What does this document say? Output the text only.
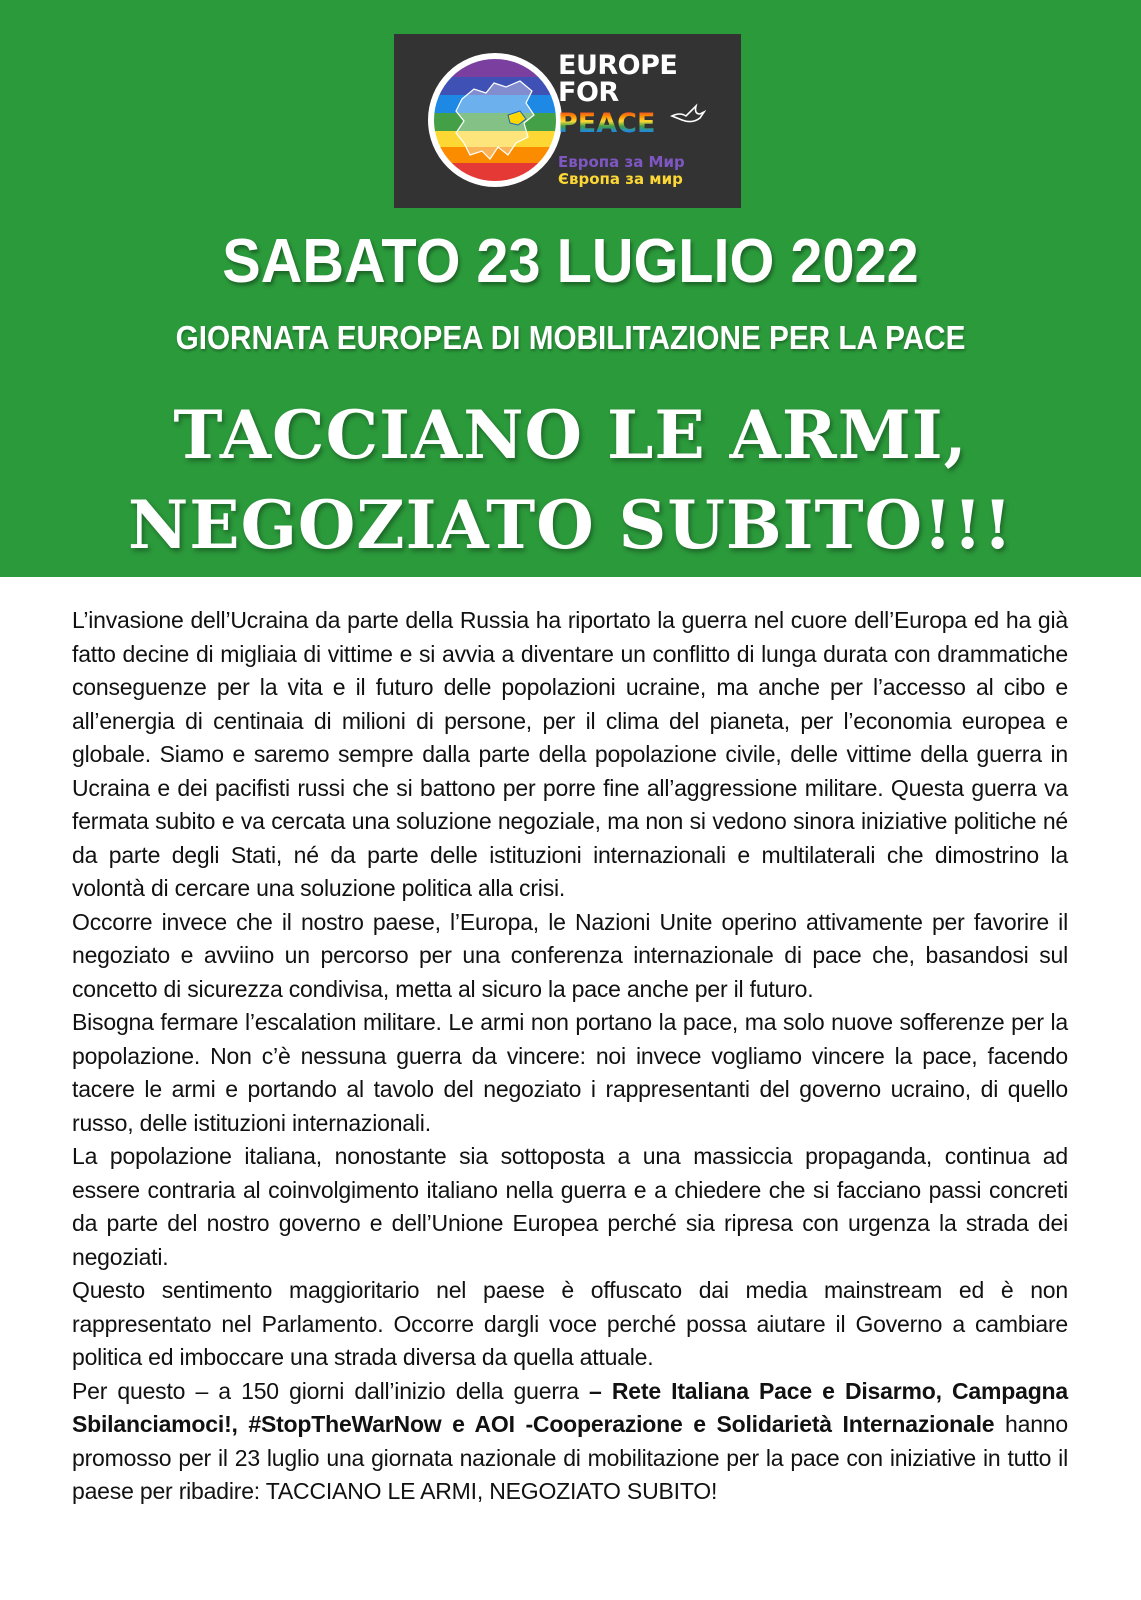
EUROPE
FOR
PEACE
Европа за Мир
Європа за мир
SABATO 23 LUGLIO 2022
GIORNATA EUROPEA DI MOBILITAZIONE PER LA PACE
TACCIANO LE ARMI,
NEGOZIATO SUBITO!!!

L’invasione dell’Ucraina da parte della Russia ha riportato la guerra nel cuore dell’Europa ed ha già fatto decine di migliaia di vittime e si avvia a diventare un conflitto di lunga durata con drammatiche conseguenze per la vita e il futuro delle popolazioni ucraine, ma anche per l’accesso al cibo e all’energia di centinaia di milioni di persone, per il clima del pianeta, per l’economia europea e globale. Siamo e saremo sempre dalla parte della popolazione civile, delle vittime della guerra in Ucraina e dei pacifisti russi che si battono per porre fine all’aggressione militare. Questa guerra va fermata subito e va cercata una soluzione negoziale, ma non si vedono sinora iniziative politiche né da parte degli Stati, né da parte delle istituzioni internazionali e multilaterali che dimostrino la volontà di cercare una soluzione politica alla crisi.

Occorre invece che il nostro paese, l’Europa, le Nazioni Unite operino attivamente per favorire il negoziato e avviino un percorso per una conferenza internazionale di pace che, basandosi sul concetto di sicurezza condivisa, metta al sicuro la pace anche per il futuro.

Bisogna fermare l’escalation militare. Le armi non portano la pace, ma solo nuove sofferenze per la popolazione. Non c’è nessuna guerra da vincere: noi invece vogliamo vincere la pace, facendo tacere le armi e portando al tavolo del negoziato i rappresentanti del governo ucraino, di quello russo, delle istituzioni internazionali.

La popolazione italiana, nonostante sia sottoposta a una massiccia propaganda, continua ad essere contraria al coinvolgimento italiano nella guerra e a chiedere che si facciano passi concreti da parte del nostro governo e dell’Unione Europea perché sia ripresa con urgenza la strada dei negoziati.

Questo sentimento maggioritario nel paese è offuscato dai media mainstream ed è non rappresentato nel Parlamento. Occorre dargli voce perché possa aiutare il Governo a cambiare politica ed imboccare una strada diversa da quella attuale.

Per questo – a 150 giorni dall’inizio della guerra – Rete Italiana Pace e Disarmo, Campagna Sbilanciamoci!, #StopTheWarNow e AOI -Cooperazione e Solidarietà Internazionale hanno promosso per il 23 luglio una giornata nazionale di mobilitazione per la pace con iniziative in tutto il paese per ribadire: TACCIANO LE ARMI, NEGOZIATO SUBITO!
